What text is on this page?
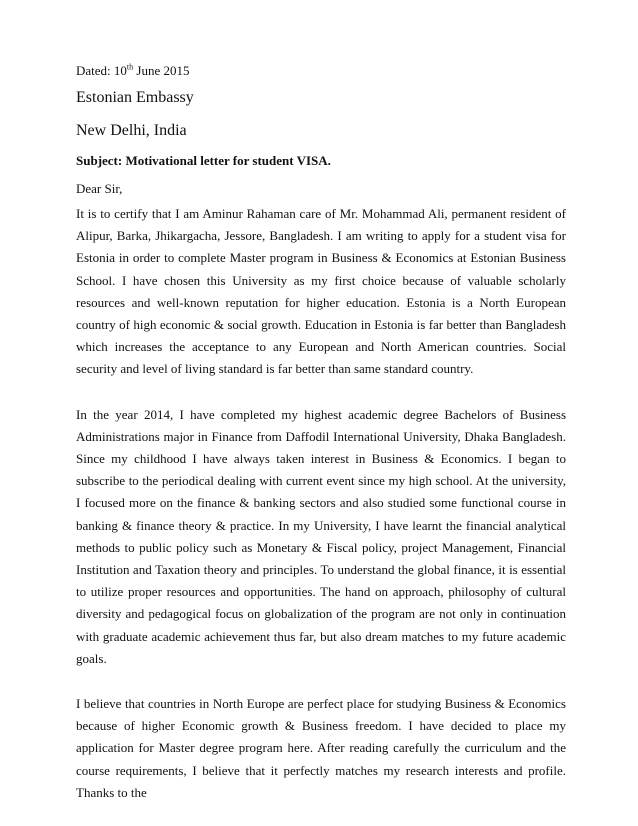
Dated: 10th June 2015

Estonian Embassy

New Delhi, India

Subject: Motivational letter for student VISA.

Dear Sir,

It is to certify that I am Aminur Rahaman care of Mr. Mohammad Ali, permanent resident of Alipur, Barka, Jhikargacha, Jessore, Bangladesh. I am writing to apply for a student visa for Estonia in order to complete Master program in Business & Economics at Estonian Business School. I have chosen this University as my first choice because of valuable scholarly resources and well-known reputation for higher education. Estonia is a North European country of high economic & social growth. Education in Estonia is far better than Bangladesh which increases the acceptance to any European and North American countries. Social security and level of living standard is far better than same standard country.

In the year 2014, I have completed my highest academic degree Bachelors of Business Administrations major in Finance from Daffodil International University, Dhaka Bangladesh. Since my childhood I have always taken interest in Business & Economics. I began to subscribe to the periodical dealing with current event since my high school. At the university, I focused more on the finance & banking sectors and also studied some functional course in banking & finance theory & practice. In my University, I have learnt the financial analytical methods to public policy such as Monetary & Fiscal policy, project Management, Financial Institution and Taxation theory and principles. To understand the global finance, it is essential to utilize proper resources and opportunities. The hand on approach, philosophy of cultural diversity and pedagogical focus on globalization of the program are not only in continuation with graduate academic achievement thus far, but also dream matches to my future academic goals.

I believe that countries in North Europe are perfect place for studying Business & Economics because of higher Economic growth & Business freedom. I have decided to place my application for Master degree program here. After reading carefully the curriculum and the course requirements, I believe that it perfectly matches my research interests and profile. Thanks to the
